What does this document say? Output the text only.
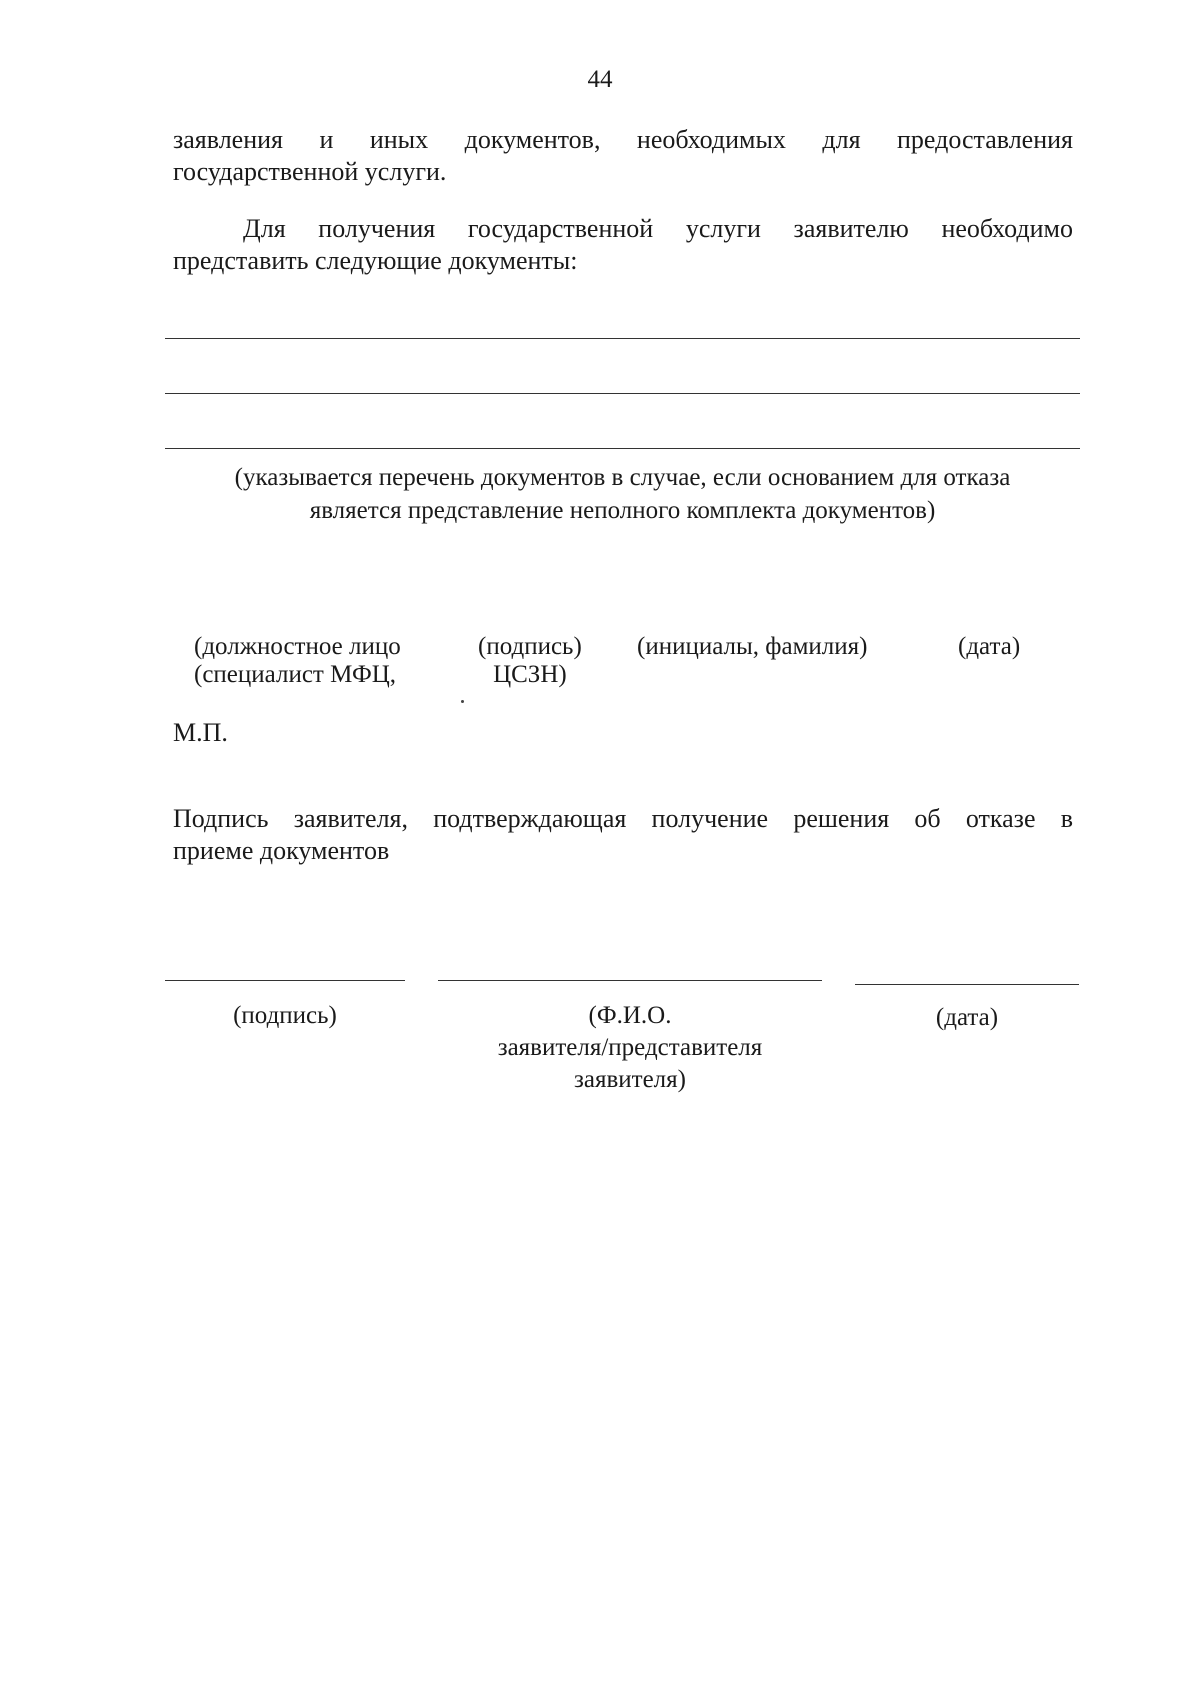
44
заявления и иных документов, необходимых для предоставления
государственной услуги.
Для получения государственной услуги заявителю необходимо
представить следующие документы:
(указывается перечень документов в случае, если основанием для отказа
является представление неполного комплекта документов)
(должностное лицо
(специалист МФЦ,
(подпись)
ЦСЗН)
(инициалы, фамилия)	(дата)
М.П.
Подпись заявителя, подтверждающая получение решения об отказе в
приеме документов
(подпись)	(Ф.И.О.
заявителя/представителя
заявителя)
(дата)
